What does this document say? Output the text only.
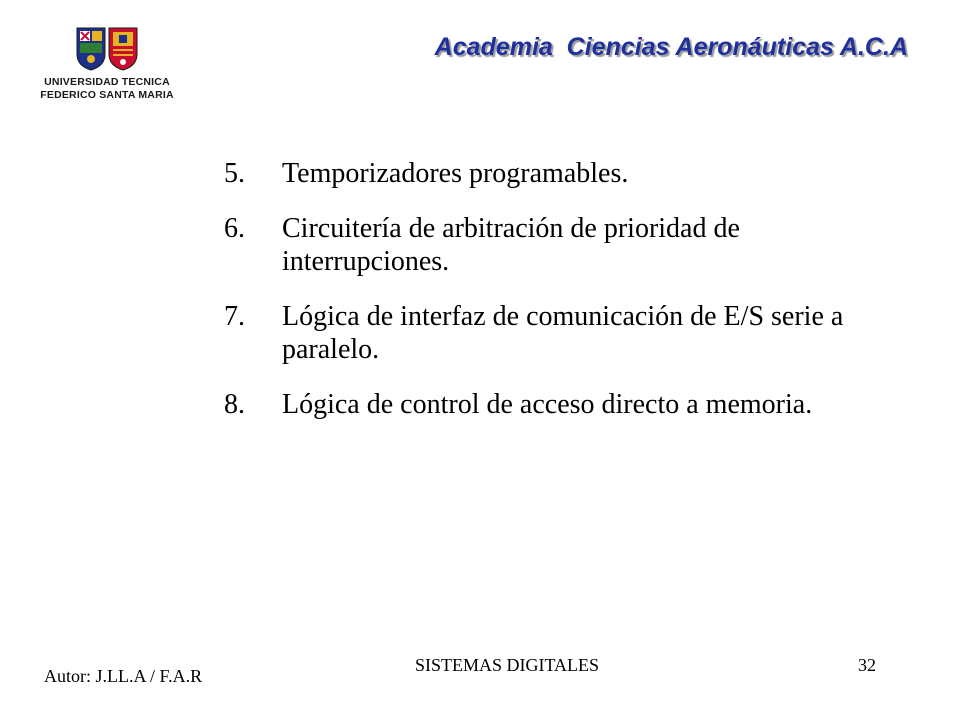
UNIVERSIDAD TECNICA
FEDERICO SANTA MARIA
Academia  Ciencias Aeronáuticas A.C.A
5.	Temporizadores programables.
6.	Circuitería de arbitración de prioridad de interrupciones.
7.	Lógica de interfaz de comunicación de E/S serie a paralelo.
8.	Lógica de control de acceso directo a memoria.
Autor: J.LL.A / F.A.R
SISTEMAS DIGITALES	32
